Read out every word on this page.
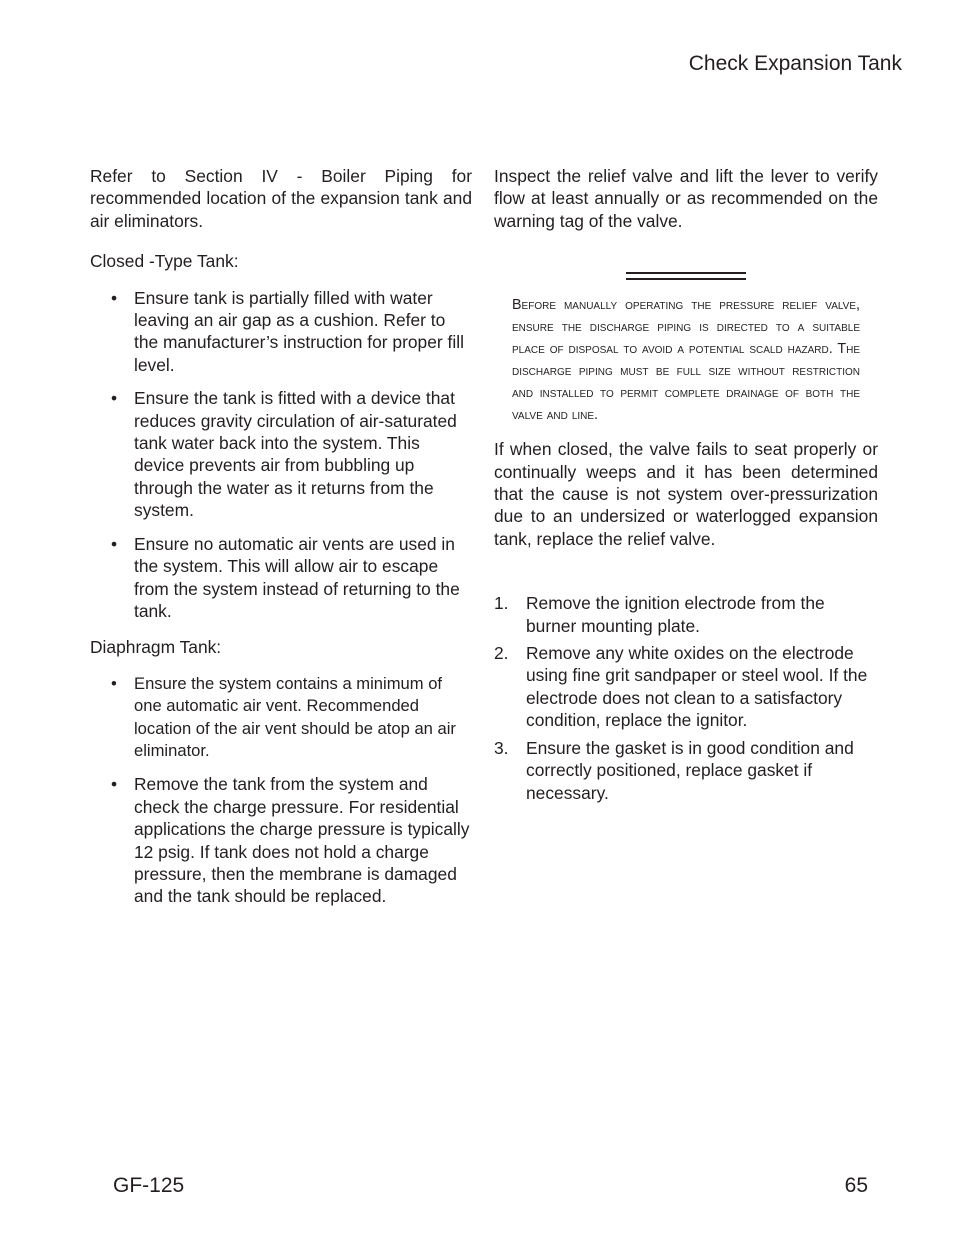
Check Expansion Tank

Refer to Section IV - Boiler Piping for recommended location of the expansion tank and air eliminators.

Closed -Type Tank:

• Ensure tank is partially filled with water leaving an air gap as a cushion. Refer to the manufacturer’s instruction for proper fill level.
• Ensure the tank is fitted with a device that reduces gravity circulation of air-saturated tank water back into the system. This device prevents air from bubbling up through the water as it returns from the system.
• Ensure no automatic air vents are used in the system. This will allow air to escape from the system instead of returning to the tank.

Diaphragm Tank:

• Ensure the system contains a minimum of one automatic air vent. Recommended location of the air vent should be atop an air eliminator.
• Remove the tank from the system and check the charge pressure. For residential applications the charge pressure is typically 12 psig. If tank does not hold a charge pressure, then the membrane is damaged and the tank should be replaced.

Inspect the relief valve and lift the lever to verify flow at least annually or as recommended on the warning tag of the valve.

Before manually operating the pressure relief valve, ensure the discharge piping is directed to a suitable place of disposal to avoid a potential scald hazard. The discharge piping must be full size without restriction and installed to permit complete drainage of both the valve and line.

If when closed, the valve fails to seat properly or continually weeps and it has been determined that the cause is not system over-pressurization due to an undersized or waterlogged expansion tank, replace the relief valve.

1. Remove the ignition electrode from the burner mounting plate.
2. Remove any white oxides on the electrode using fine grit sandpaper or steel wool. If the electrode does not clean to a satisfactory condition, replace the ignitor.
3. Ensure the gasket is in good condition and correctly positioned, replace gasket if necessary.
GF-125	65
